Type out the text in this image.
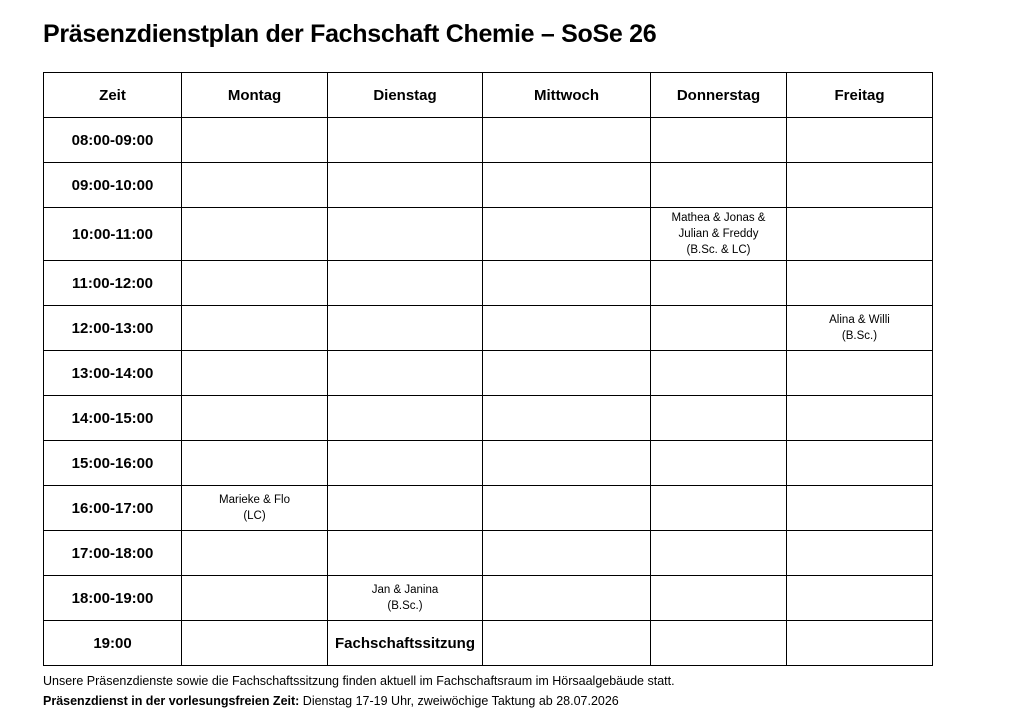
Präsenzdienstplan der Fachschaft Chemie – SoSe 26
Zeit	Montag	Dienstag	Mittwoch	Donnerstag	Freitag
08:00-09:00					
09:00-10:00					
10:00-11:00				Mathea & Jonas &
Julian & Freddy
(B.Sc. & LC)	
11:00-12:00					
12:00-13:00					Alina & Willi
(B.Sc.)
13:00-14:00					
14:00-15:00					
15:00-16:00					
16:00-17:00	Marieke & Flo
(LC)				
17:00-18:00					
18:00-19:00		Jan & Janina
(B.Sc.)			
19:00		Fachschaftssitzung			
Unsere Präsenzdienste sowie die Fachschaftssitzung finden aktuell im Fachschaftsraum im Hörsaalgebäude statt.
Präsenzdienst in der vorlesungsfreien Zeit: Dienstag 17-19 Uhr, zweiwöchige Taktung ab 28.07.2026
